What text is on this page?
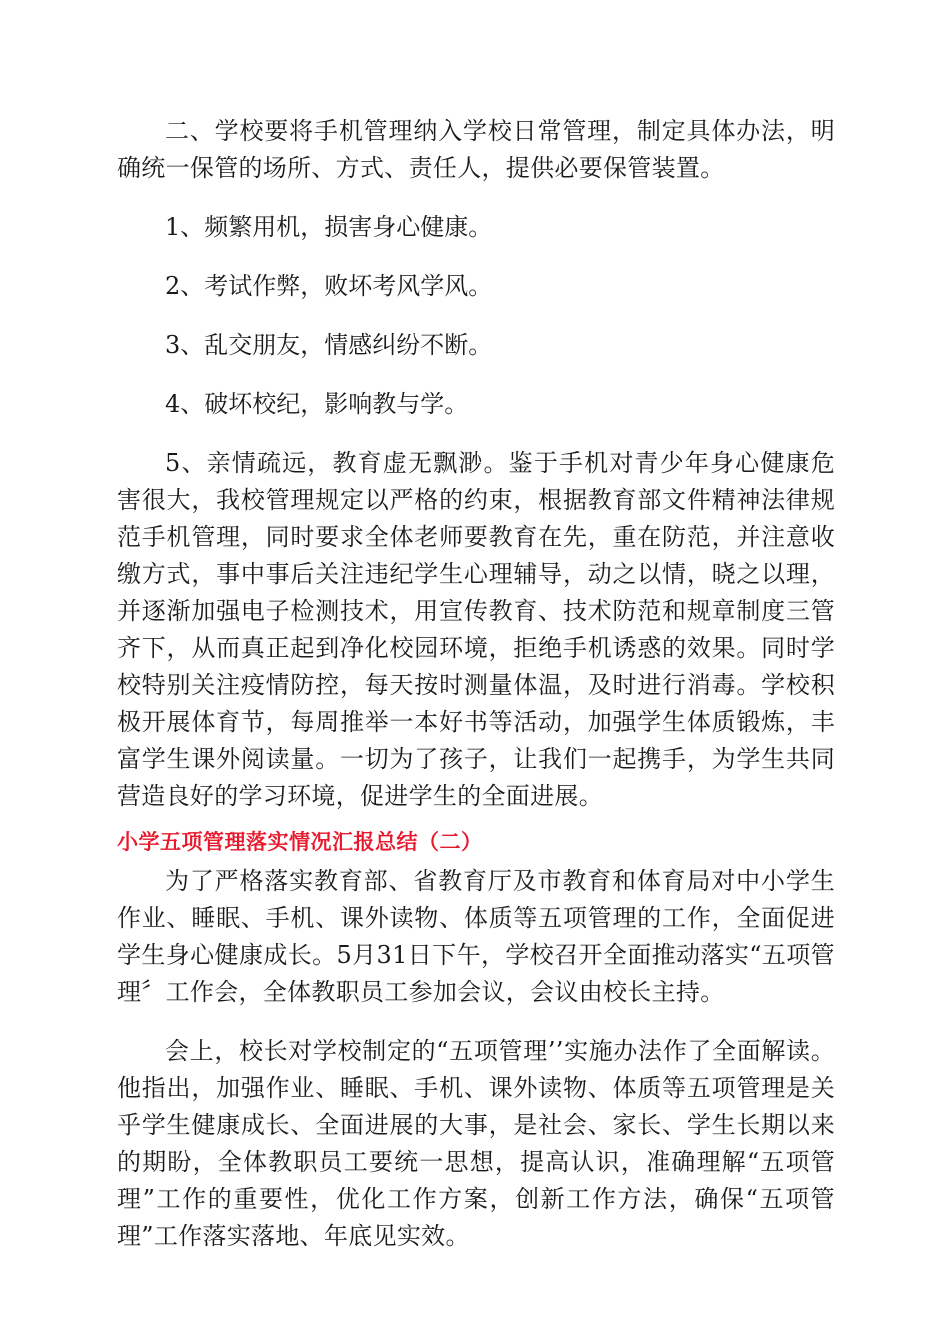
二、学校要将手机管理纳入学校日常管理，制定具体办法，明确统一保管的场所、方式、责任人，提供必要保管装置。

1、频繁用机，损害身心健康。

2、考试作弊，败坏考风学风。

3、乱交朋友，情感纠纷不断。

4、破坏校纪，影响教与学。

5、亲情疏远，教育虚无飘渺。鉴于手机对青少年身心健康危害很大，我校管理规定以严格的约束，根据教育部文件精神法律规范手机管理，同时要求全体老师要教育在先，重在防范，并注意收缴方式，事中事后关注违纪学生心理辅导，动之以情，晓之以理，并逐渐加强电子检测技术，用宣传教育、技术防范和规章制度三管齐下，从而真正起到净化校园环境，拒绝手机诱惑的效果。同时学校特别关注疫情防控，每天按时测量体温，及时进行消毒。学校积极开展体育节，每周推举一本好书等活动，加强学生体质锻炼，丰富学生课外阅读量。一切为了孩子，让我们一起携手，为学生共同营造良好的学习环境，促进学生的全面进展。

小学五项管理落实情况汇报总结（二）

为了严格落实教育部、省教育厅及市教育和体育局对中小学生作业、睡眠、手机、课外读物、体质等五项管理的工作，全面促进学生身心健康成长。5月31日下午，学校召开全面推动落实“五项管理〞工作会，全体教职员工参加会议，会议由校长主持。

会上，校长对学校制定的“五项管理’’实施办法作了全面解读。他指出，加强作业、睡眠、手机、课外读物、体质等五项管理是关乎学生健康成长、全面进展的大事，是社会、家长、学生长期以来的期盼，全体教职员工要统一思想，提高认识，准确理解“五项管理”工作的重要性，优化工作方案，创新工作方法，确保“五项管理”工作落实落地、年底见实效。
